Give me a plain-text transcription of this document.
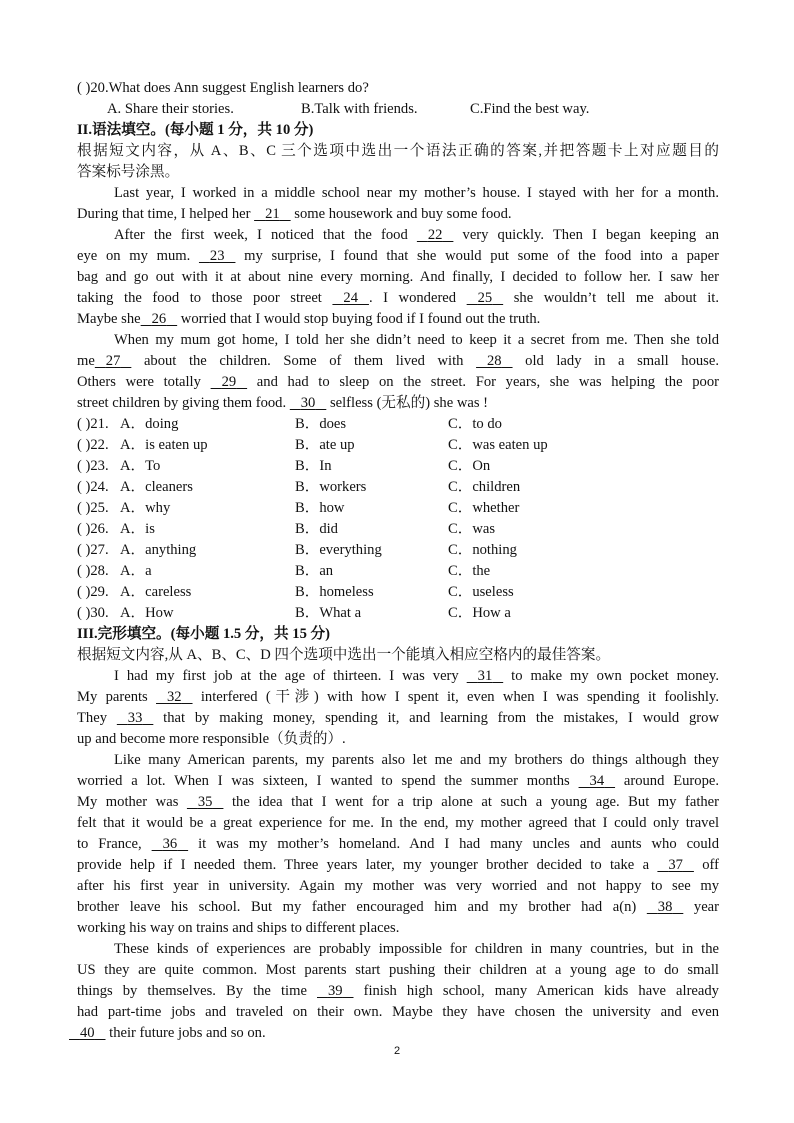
( )20.What does Ann suggest English learners do?
A. Share their stories.	B.Talk with friends.	C.Find the best way.
II.语法填空。(每小题 1 分，共 10 分)
根据短文内容，从 A、B、C 三个选项中选出一个语法正确的答案,并把答题卡上对应题目的
答案标号涂黑。
Last year, I worked in a middle school near my mother’s house. I stayed with her for a month.
During that time, I helped her 21 some housework and buy some food.
After the first week, I noticed that the food 22 very quickly. Then I began keeping an
eye on my mum. 23 my surprise, I found that she would put some of the food into a paper
bag and go out with it at about nine every morning. And finally, I decided to follow her. I saw her
taking the food to those poor street 24 . I wondered 25 she wouldn’t tell me about it.
Maybe she 26 worried that I would stop buying food if I found out the truth.
When my mum got home, I told her she didn’t need to keep it a secret from me. Then she told
me 27 about the children. Some of them lived with 28 old lady in a small house.
Others were totally 29 and had to sleep on the street. For years, she was helping the poor
street children by giving them food. 30 selfless (无私的) she was !
( )21. A．doing	B．does	C．to do
( )22. A．is eaten up	B．ate up	C．was eaten up
( )23. A．To	B．In	C．On
( )24. A．cleaners	B．workers	C．children
( )25. A．why	B．how	C．whether
( )26. A．is	B．did	C．was
( )27. A．anything	B．everything	C．nothing
( )28. A．a	B．an	C．the
( )29. A．careless	B．homeless	C．useless
( )30. A．How	B．What a	C．How a
III.完形填空。(每小题 1.5 分，共 15 分)
根据短文内容,从 A、B、C、D 四个选项中选出一个能填入相应空格内的最佳答案。
I had my first job at the age of thirteen. I was very 31 to make my own pocket money.
My parents 32 interfered (干涉) with how I spent it, even when I was spending it foolishly.
They 33 that by making money, spending it, and learning from the mistakes, I would grow
up and become more responsible（负责的）.
Like many American parents, my parents also let me and my brothers do things although they
worried a lot. When I was sixteen, I wanted to spend the summer months 34 around Europe.
My mother was 35 the idea that I went for a trip alone at such a young age. But my father
felt that it would be a great experience for me. In the end, my mother agreed that I could only travel
to France, 36 it was my mother’s homeland. And I had many uncles and aunts who could
provide help if I needed them. Three years later, my younger brother decided to take a 37 off
after his first year in university. Again my mother was very worried and not happy to see my
brother leave his school. But my father encouraged him and my brother had a(n) 38 year
working his way on trains and ships to different places.
These kinds of experiences are probably impossible for children in many countries, but in the
US they are quite common. Most parents start pushing their children at a young age to do small
things by themselves. By the time 39 finish high school, many American kids have already
had part-time jobs and traveled on their own. Maybe they have chosen the university and even
40 their future jobs and so on.
2
